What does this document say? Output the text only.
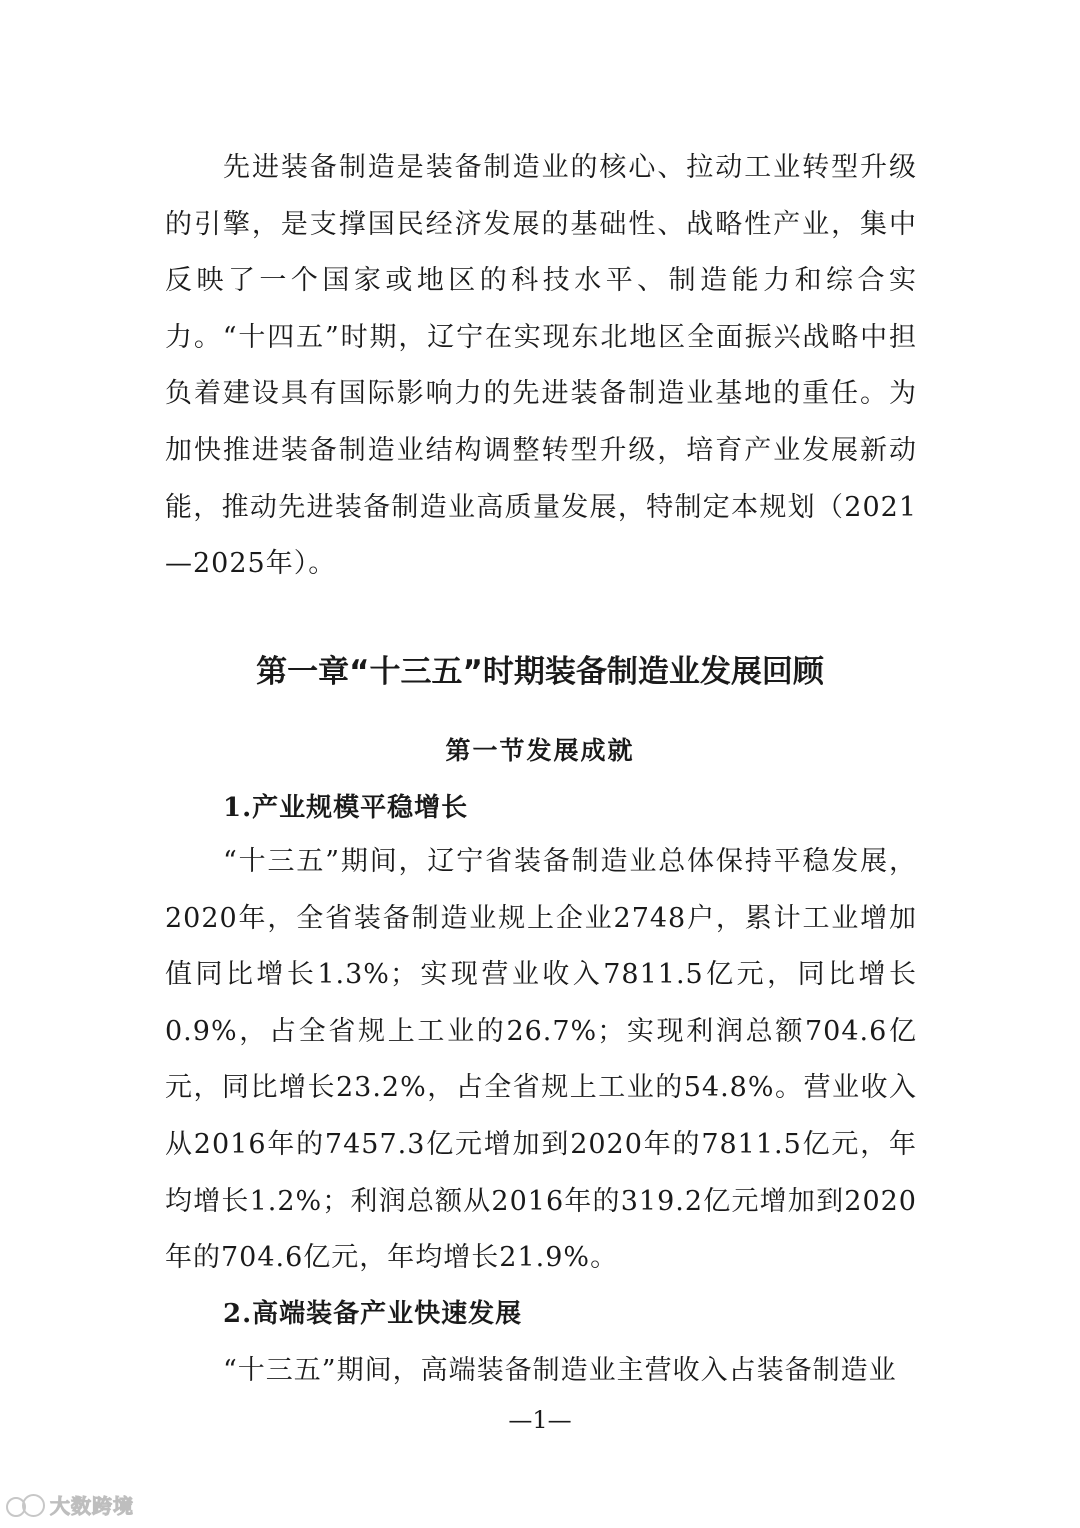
先进装备制造是装备制造业的核心、拉动工业转型升级的引擎，是支撑国民经济发展的基础性、战略性产业，集中反映了一个国家或地区的科技水平、制造能力和综合实力。“十四五”时期，辽宁在实现东北地区全面振兴战略中担负着建设具有国际影响力的先进装备制造业基地的重任。为加快推进装备制造业结构调整转型升级，培育产业发展新动能，推动先进装备制造业高质量发展，特制定本规划（2021—2025年）。

第一章“十三五”时期装备制造业发展回顾
第一节发展成就
1.产业规模平稳增长

“十三五”期间，辽宁省装备制造业总体保持平稳发展，2020年，全省装备制造业规上企业2748户，累计工业增加值同比增长1.3%；实现营业收入7811.5亿元，同比增长0.9%，占全省规上工业的26.7%；实现利润总额704.6亿元，同比增长23.2%，占全省规上工业的54.8%。营业收入从2016年的7457.3亿元增加到2020年的7811.5亿元，年均增长1.2%；利润总额从2016年的319.2亿元增加到2020年的704.6亿元，年均增长21.9%。

2.高端装备产业快速发展

“十三五”期间，高端装备制造业主营收入占装备制造业

—1—
大数跨境
